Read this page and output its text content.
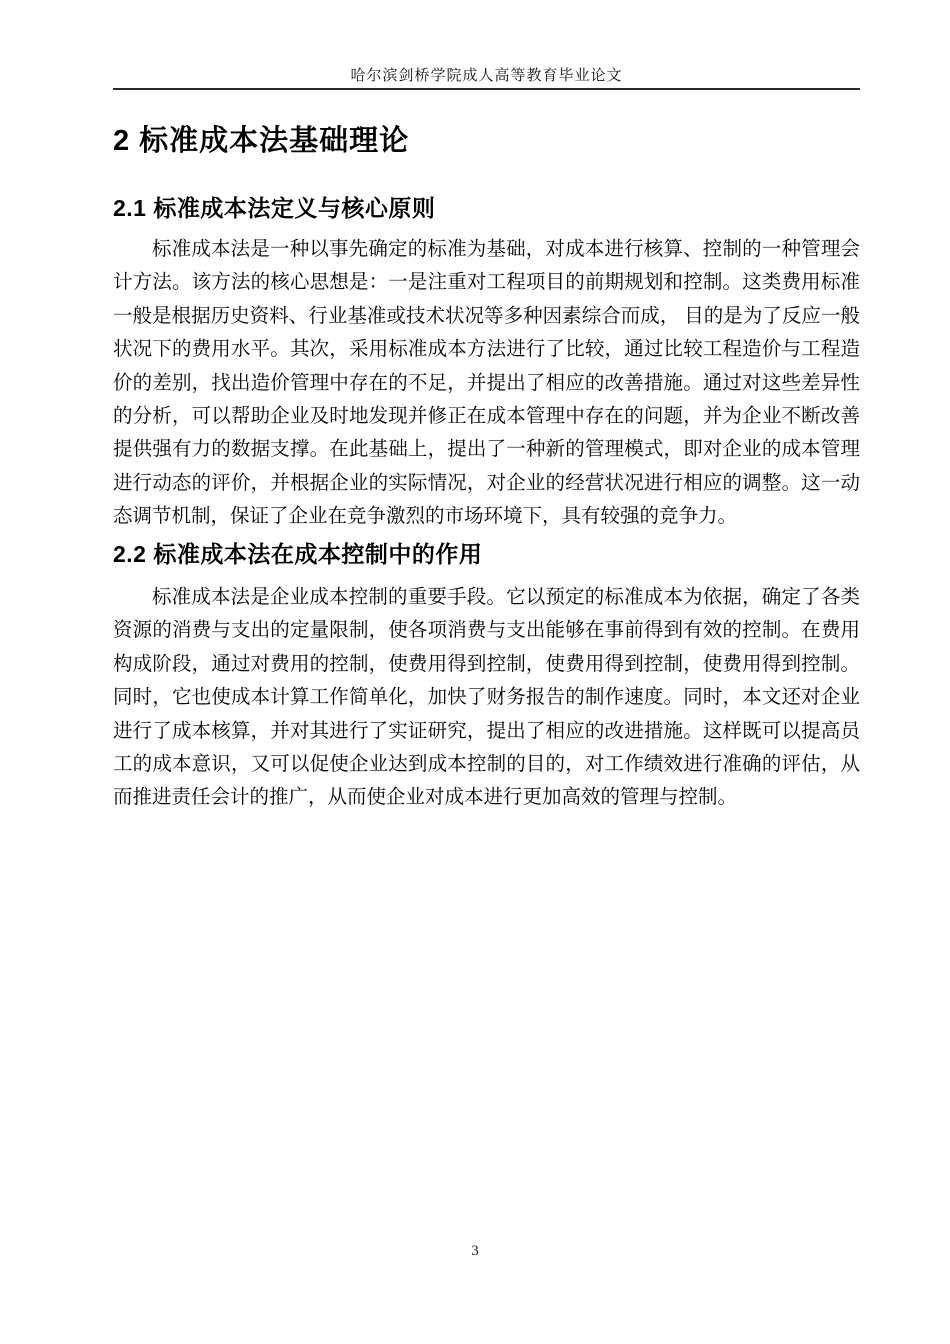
哈尔滨剑桥学院成人高等教育毕业论文
2 标准成本法基础理论
2.1 标准成本法定义与核心原则

标准成本法是一种以事先确定的标准为基础，对成本进行核算、控制的一种管理会计方法。该方法的核心思想是：一是注重对工程项目的前期规划和控制。这类费用标准一般是根据历史资料、行业基准或技术状况等多种因素综合而成， 目的是为了反应一般状况下的费用水平。其次，采用标准成本方法进行了比较，通过比较工程造价与工程造价的差别，找出造价管理中存在的不足，并提出了相应的改善措施。通过对这些差异性的分析，可以帮助企业及时地发现并修正在成本管理中存在的问题，并为企业不断改善提供强有力的数据支撑。在此基础上，提出了一种新的管理模式，即对企业的成本管理进行动态的评价，并根据企业的实际情况，对企业的经营状况进行相应的调整。这一动态调节机制，保证了企业在竞争激烈的市场环境下，具有较强的竞争力。

2.2 标准成本法在成本控制中的作用

标准成本法是企业成本控制的重要手段。它以预定的标准成本为依据，确定了各类资源的消费与支出的定量限制，使各项消费与支出能够在事前得到有效的控制。在费用构成阶段，通过对费用的控制，使费用得到控制，使费用得到控制，使费用得到控制。同时，它也使成本计算工作简单化，加快了财务报告的制作速度。同时，本文还对企业进行了成本核算，并对其进行了实证研究，提出了相应的改进措施。这样既可以提高员工的成本意识，又可以促使企业达到成本控制的目的，对工作绩效进行准确的评估，从而推进责任会计的推广，从而使企业对成本进行更加高效的管理与控制。

3
